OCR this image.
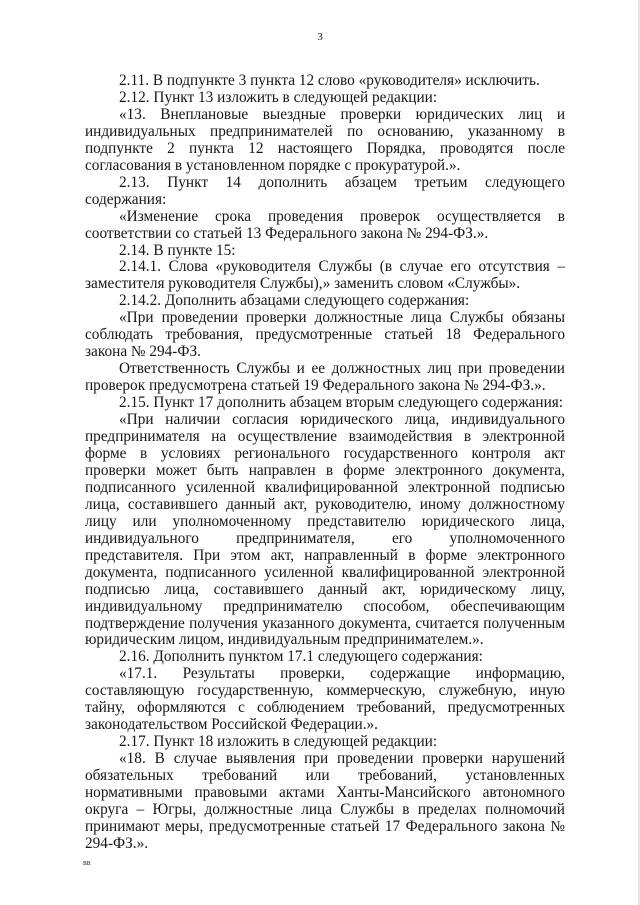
3

2.11. В подпункте 3 пункта 12 слово «руководителя» исключить.

2.12. Пункт 13 изложить в следующей редакции:

«13. Внеплановые выездные проверки юридических лиц и индивидуальных предпринимателей по основанию, указанному в подпункте 2 пункта 12 настоящего Порядка, проводятся после согласования в установленном порядке с прокуратурой.».

2.13. Пункт 14 дополнить абзацем третьим следующего содержания:

«Изменение срока проведения проверок осуществляется в соответствии со статьей 13 Федерального закона № 294-ФЗ.».

2.14. В пункте 15:

2.14.1. Слова «руководителя Службы (в случае его отсутствия – заместителя руководителя Службы),» заменить словом «Службы».

2.14.2. Дополнить абзацами следующего содержания:

«При проведении проверки должностные лица Службы обязаны соблюдать требования, предусмотренные статьей 18 Федерального закона № 294-ФЗ.

Ответственность Службы и ее должностных лиц при проведении проверок предусмотрена статьей 19 Федерального закона № 294-ФЗ.».

2.15. Пункт 17 дополнить абзацем вторым следующего содержания:

«При наличии согласия юридического лица, индивидуального предпринимателя на осуществление взаимодействия в электронной форме в условиях регионального государственного контроля акт проверки может быть направлен в форме электронного документа, подписанного усиленной квалифицированной электронной подписью лица, составившего данный акт, руководителю, иному должностному лицу или уполномоченному представителю юридического лица, индивидуального предпринимателя, его уполномоченного представителя. При этом акт, направленный в форме электронного документа, подписанного усиленной квалифицированной электронной подписью лица, составившего данный акт, юридическому лицу, индивидуальному предпринимателю способом, обеспечивающим подтверждение получения указанного документа, считается полученным юридическим лицом, индивидуальным предпринимателем.».

2.16. Дополнить пунктом 17.1 следующего содержания:

«17.1. Результаты проверки, содержащие информацию, составляющую государственную, коммерческую, служебную, иную тайну, оформляются с соблюдением требований, предусмотренных законодательством Российской Федерации.».

2.17. Пункт 18 изложить в следующей редакции:

«18. В случае выявления при проведении проверки нарушений обязательных требований или требований, установленных нормативными правовыми актами Ханты-Мансийского автономного округа – Югры, должностные лица Службы в пределах полномочий принимают меры, предусмотренные статьей 17 Федерального закона № 294-ФЗ.».

вв
